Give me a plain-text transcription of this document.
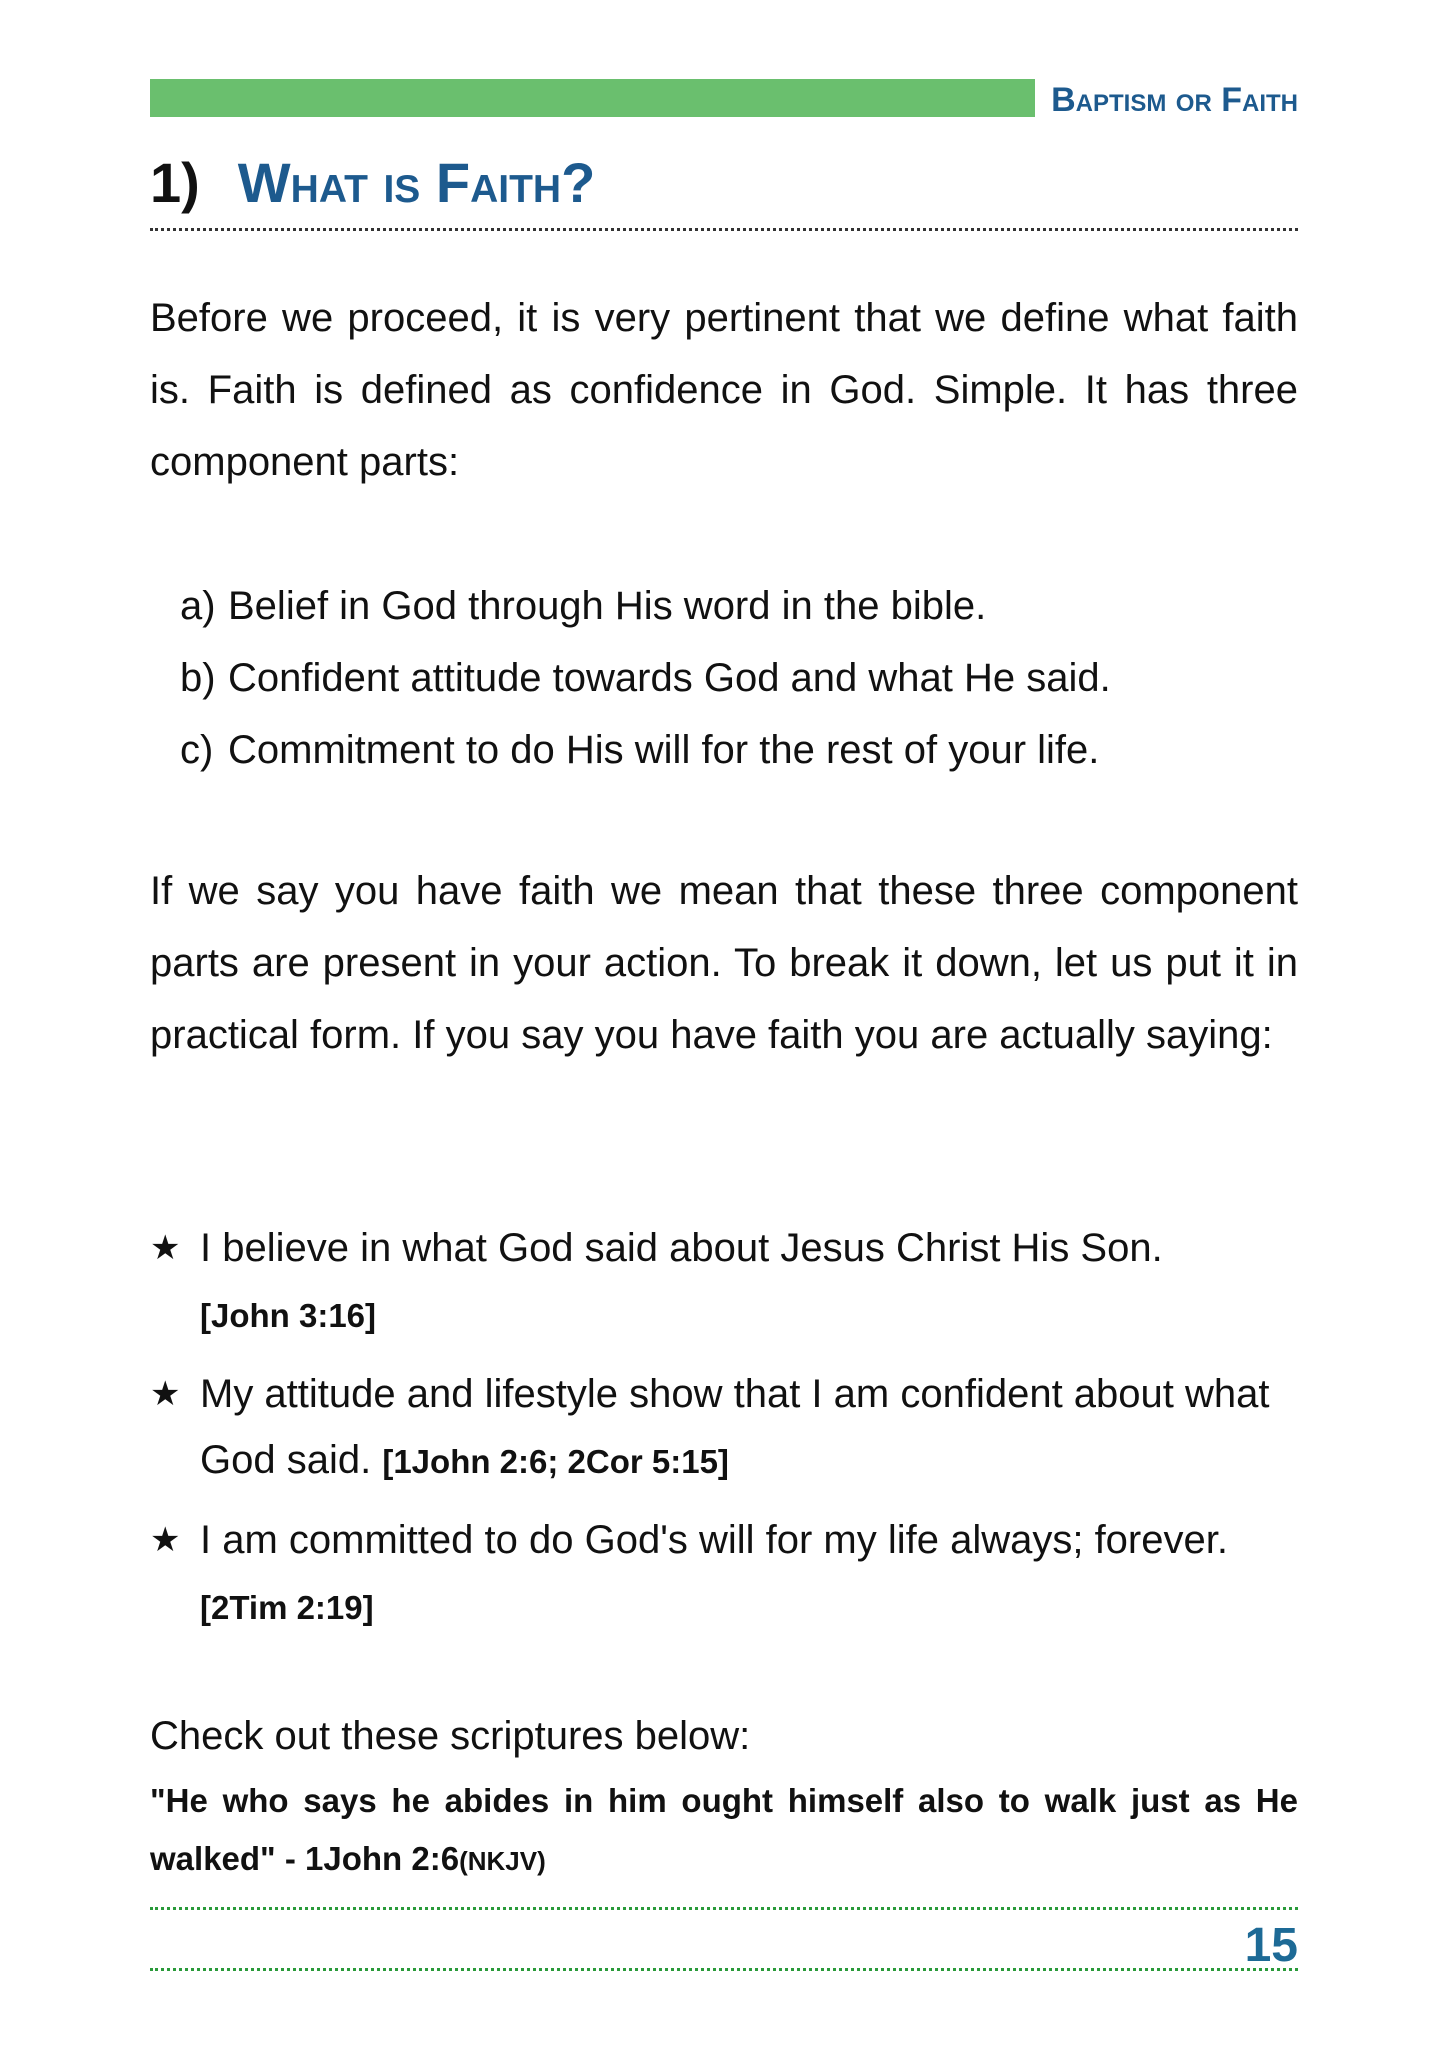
Baptism or Faith
1) What is Faith?
Before we proceed, it is very pertinent that we define what faith is. Faith is defined as confidence in God. Simple. It has three component parts:
a) Belief in God through His word in the bible.
b) Confident attitude towards God and what He said.
c) Commitment to do His will for the rest of your life.
If we say you have faith we mean that these three component parts are present in your action. To break it down, let us put it in practical form. If you say you have faith you are actually saying:
★ I believe in what God said about Jesus Christ His Son.
[John 3:16]
★ My attitude and lifestyle show that I am confident about what God said. [1John 2:6; 2Cor 5:15]
★ I am committed to do God's will for my life always; forever. [2Tim 2:19]
Check out these scriptures below:
"He who says he abides in him ought himself also to walk just as He walked" - 1John 2:6(NKJV)
15
